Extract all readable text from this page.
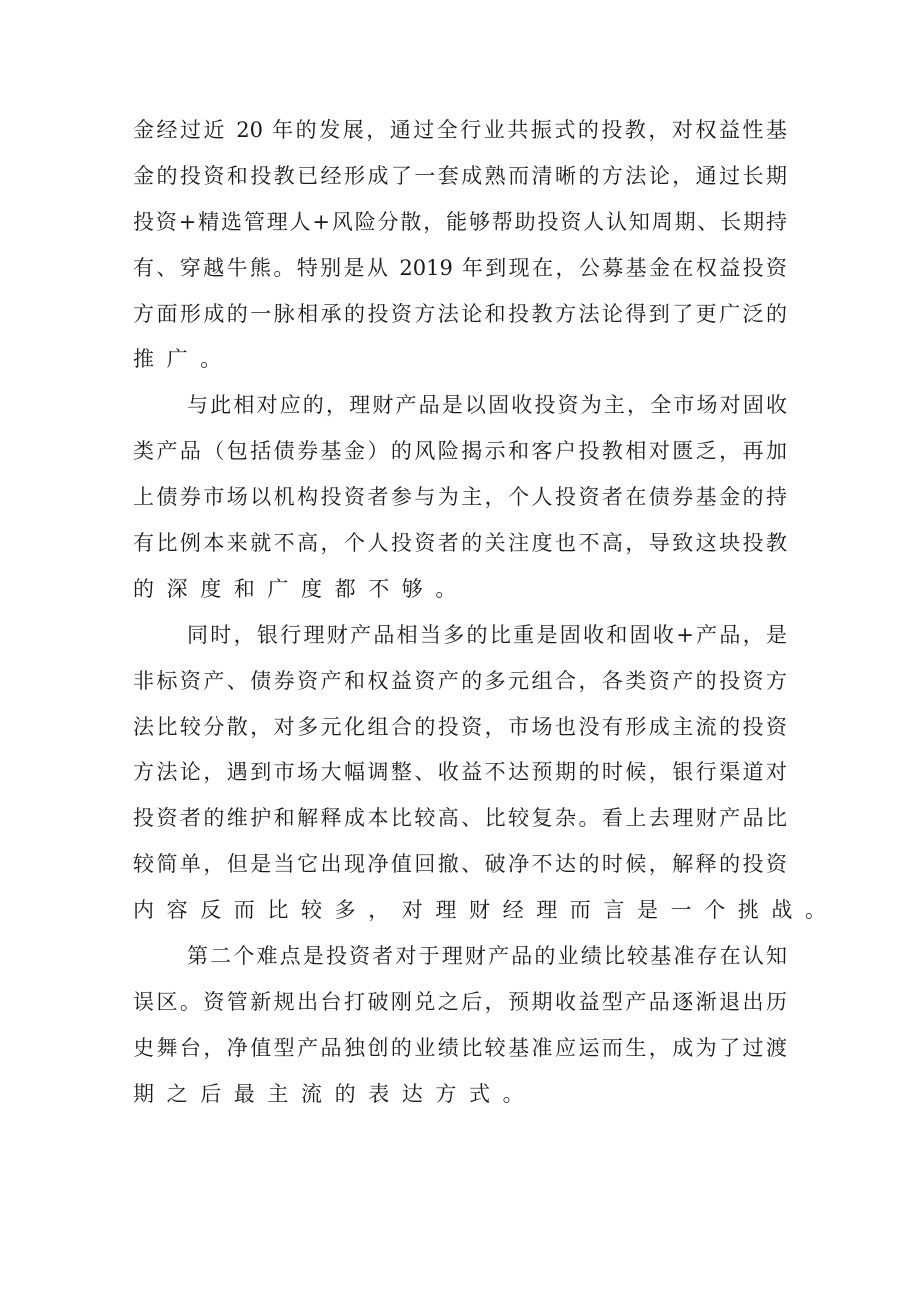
金经过近 20 年的发展，通过全行业共振式的投教，对权益性基
金的投资和投教已经形成了一套成熟而清晰的方法论，通过长期
投资+精选管理人+风险分散，能够帮助投资人认知周期、长期持
有、穿越牛熊。特别是从 2019 年到现在，公募基金在权益投资
方面形成的一脉相承的投资方法论和投教方法论得到了更广泛的
推广。
与此相对应的，理财产品是以固收投资为主，全市场对固收
类产品（包括债券基金）的风险揭示和客户投教相对匮乏，再加
上债券市场以机构投资者参与为主，个人投资者在债券基金的持
有比例本来就不高，个人投资者的关注度也不高，导致这块投教
的深度和广度都不够。
同时，银行理财产品相当多的比重是固收和固收+产品，是
非标资产、债券资产和权益资产的多元组合，各类资产的投资方
法比较分散，对多元化组合的投资，市场也没有形成主流的投资
方法论，遇到市场大幅调整、收益不达预期的时候，银行渠道对
投资者的维护和解释成本比较高、比较复杂。看上去理财产品比
较简单，但是当它出现净值回撤、破净不达的时候，解释的投资
内容反而比较多，对理财经理而言是一个挑战。
第二个难点是投资者对于理财产品的业绩比较基准存在认知
误区。资管新规出台打破刚兑之后，预期收益型产品逐渐退出历
史舞台，净值型产品独创的业绩比较基准应运而生，成为了过渡
期之后最主流的表达方式。
